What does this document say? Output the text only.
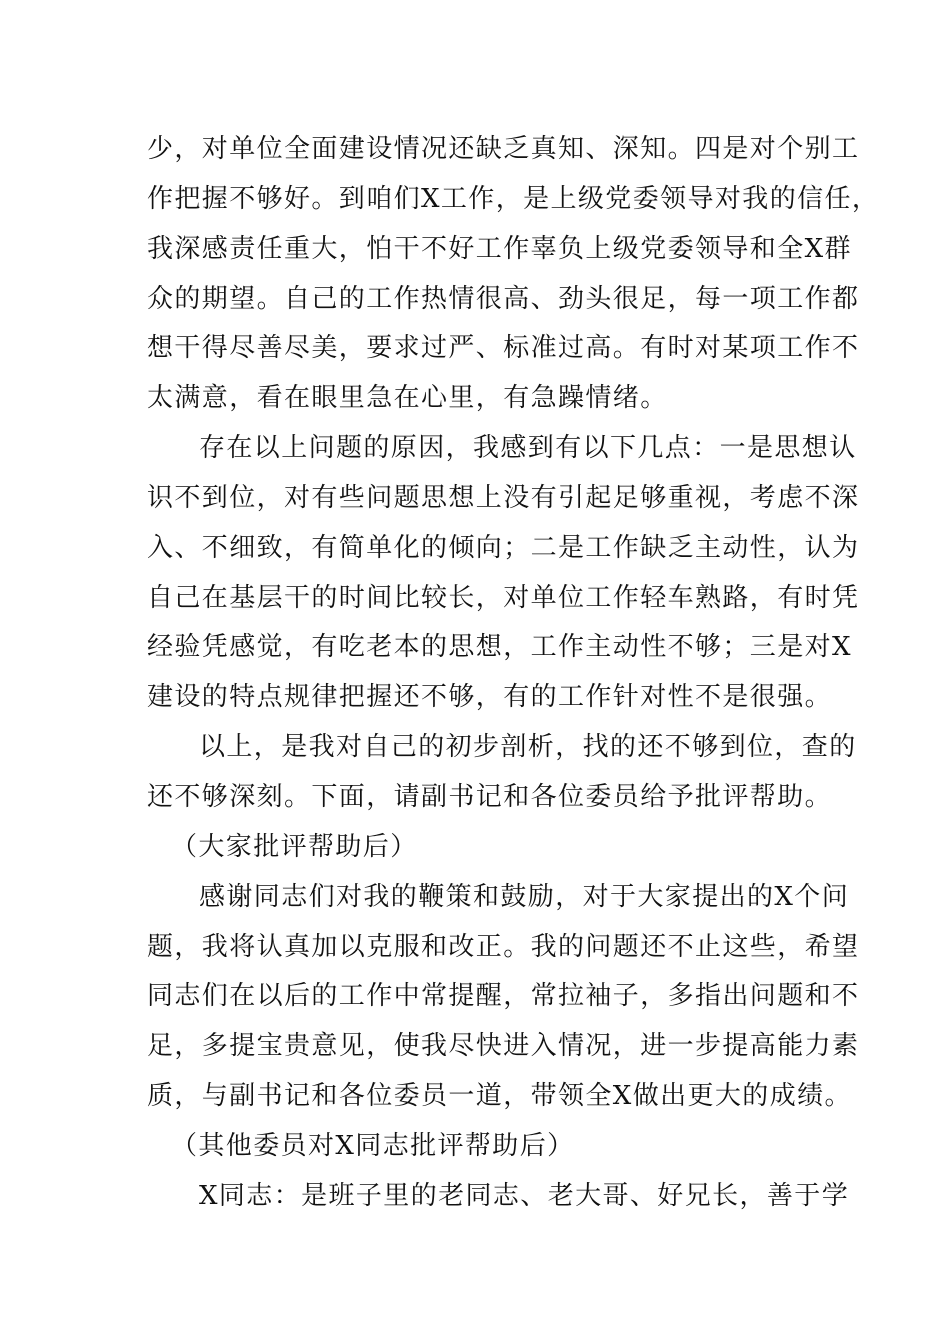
少，对单位全面建设情况还缺乏真知、深知。四是对个别工
作把握不够好。到咱们X工作，是上级党委领导对我的信任，
我深感责任重大，怕干不好工作辜负上级党委领导和全X群
众的期望。自己的工作热情很高、劲头很足，每一项工作都
想干得尽善尽美，要求过严、标准过高。有时对某项工作不
太满意，看在眼里急在心里，有急躁情绪。
存在以上问题的原因，我感到有以下几点：一是思想认
识不到位，对有些问题思想上没有引起足够重视，考虑不深
入、不细致，有简单化的倾向；二是工作缺乏主动性，认为
自己在基层干的时间比较长，对单位工作轻车熟路，有时凭
经验凭感觉，有吃老本的思想，工作主动性不够；三是对X
建设的特点规律把握还不够，有的工作针对性不是很强。
以上，是我对自己的初步剖析，找的还不够到位，查的
还不够深刻。下面，请副书记和各位委员给予批评帮助。
（大家批评帮助后）
感谢同志们对我的鞭策和鼓励，对于大家提出的X个问
题，我将认真加以克服和改正。我的问题还不止这些，希望
同志们在以后的工作中常提醒，常拉袖子，多指出问题和不
足，多提宝贵意见，使我尽快进入情况，进一步提高能力素
质，与副书记和各位委员一道，带领全X做出更大的成绩。
（其他委员对X同志批评帮助后）
X同志：是班子里的老同志、老大哥、好兄长，善于学
